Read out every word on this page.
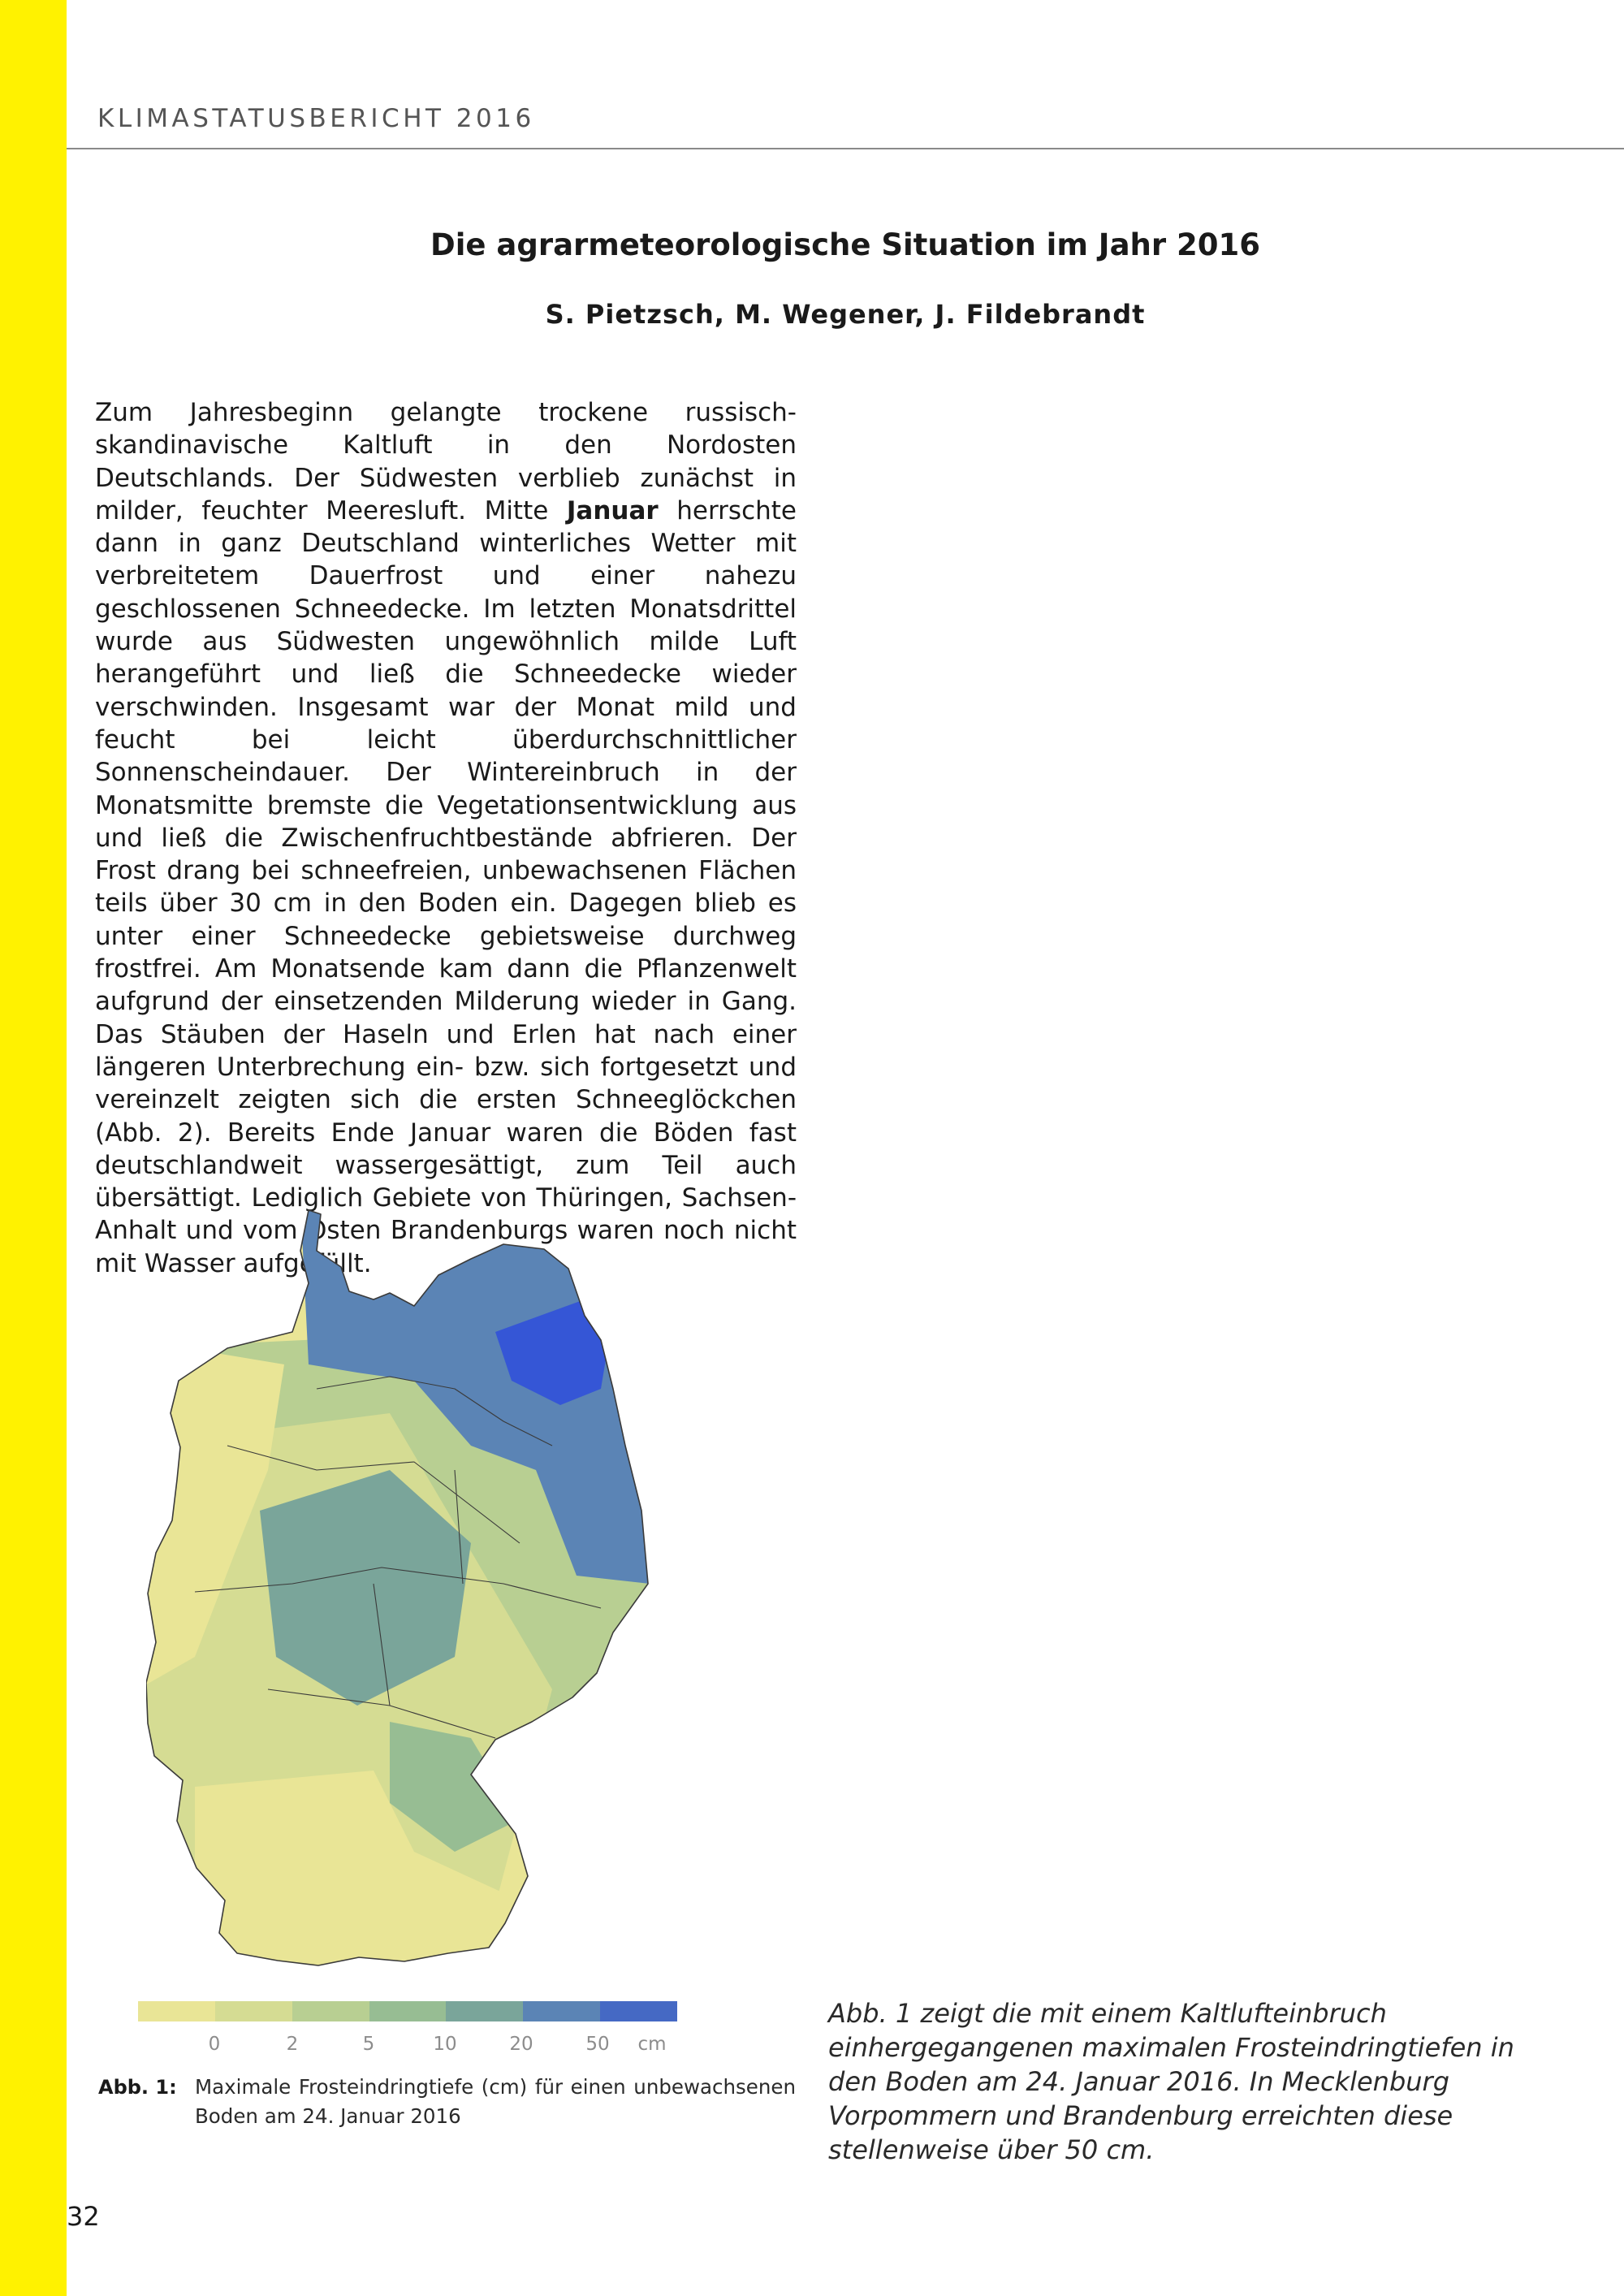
KLIMASTATUSBERICHT 2016
Die agrarmeteorologische Situation im Jahr 2016
S. Pietzsch, M. Wegener, J. Fildebrandt
Zum Jahresbeginn gelangte trockene russisch-skandinavische Kaltluft in den Nordosten Deutschlands. Der Südwesten verblieb zunächst in milder, feuchter Meeresluft. Mitte Januar herrschte dann in ganz Deutschland winterliches Wetter mit verbreitetem Dauerfrost und einer nahezu geschlossenen Schneedecke. Im letzten Monatsdrittel wurde aus Südwesten ungewöhnlich milde Luft herangeführt und ließ die Schneedecke wieder verschwinden. Insgesamt war der Monat mild und feucht bei leicht überdurchschnittlicher Sonnenscheindauer. Der Wintereinbruch in der Monatsmitte bremste die Vegetationsentwicklung aus und ließ die Zwischenfruchtbestände abfrieren. Der Frost drang bei schneefreien, unbewachsenen Flächen teils über 30 cm in den Boden ein. Dagegen blieb es unter einer Schneedecke gebietsweise durchweg frostfrei. Am Monatsende kam dann die Pflanzenwelt aufgrund der einsetzenden Milderung wieder in Gang. Das Stäuben der Haseln und Erlen hat nach einer längeren Unterbrechung ein- bzw. sich fortgesetzt und vereinzelt zeigten sich die ersten Schneeglöckchen (Abb. 2). Bereits Ende Januar waren die Böden fast deutschlandweit wassergesättigt, zum Teil auch übersättigt. Lediglich Gebiete von Thüringen, Sachsen-Anhalt und vom Osten Brandenburgs waren noch nicht mit Wasser aufgefüllt.
0	2	5	10	20	50 cm
Abb. 1: Maximale Frosteindringtiefe (cm) für einen unbewachsenen Boden am 24. Januar 2016
Abb. 1 zeigt die mit einem Kaltlufteinbruch einhergegangenen maximalen Frosteindringtiefen in den Boden am 24. Januar 2016. In Mecklenburg Vorpommern und Brandenburg erreichten diese stellenweise über 50 cm.
32
